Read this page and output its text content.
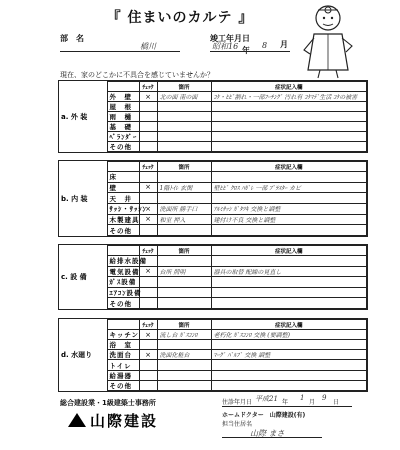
『 住まいのカルテ 』
部　名
橋川
竣工年月日
昭和16 年
8 月
現在、家のどこかに不具合を感じていませんか？
a. 外 装		ﾁｪｯｸ	箇所	症状記入欄
	外　壁	×	北の面 南の面	ｺｹ・ﾋﾋﾞ割れ・一部ﾌｰﾁﾝｸﾞ 汚れ有 ｺｹﾏﾃﾞ生活 ｺｹの被害
	屋　根			
	雨　樋			
	基　礎			
	ﾍﾞﾗﾝﾀﾞｰ			
	その他			
b. 内 装		ﾁｪｯｸ	箇所	症状記入欄
	床			
	壁	×	1階ﾄｲﾚ 玄関	壁ﾋﾋﾞ ｸﾛｽ ﾊｶﾞﾚ 一部 ﾌﾟﾗｽﾀｰ カビ
	天　井			
	ｻｯｼ・ｻｯｼﾝ	×	洗面所 勝手口	ｱﾙﾐｻｯｼ ｶﾞﾀﾂｷ 交換と調整
	木製建具	×	和室 押入	建付け不良 交換と調整
	その他			
c. 設 備		ﾁｪｯｸ	箇所	症状記入欄
	給排水設備			
	電気設備	×	台所 照明	器具の取替 配線の見直し
	ｶﾞｽ設備			
	ｴｱｺﾝ設備			
	その他			
d. 水廻り		ﾁｪｯｸ	箇所	症状記入欄
	キッチン	×	流し台 ｶﾞｽｺﾝﾛ	老朽化 ｶﾞｽｺﾝﾛ 交換 (要調整)
	浴　室			
	洗面台	×	洗面化粧台	ﾏｰｸﾞ ﾊﾞﾙﾌﾞ 交換 調整
	トイレ			
	給湯器			
	その他			
総合建設業・1級建築士事務所
山際建設
住診年月日 平成21 年
1
月
9
日
ホームドクター　山際建設(有)
担当住居名
山際 まさ
